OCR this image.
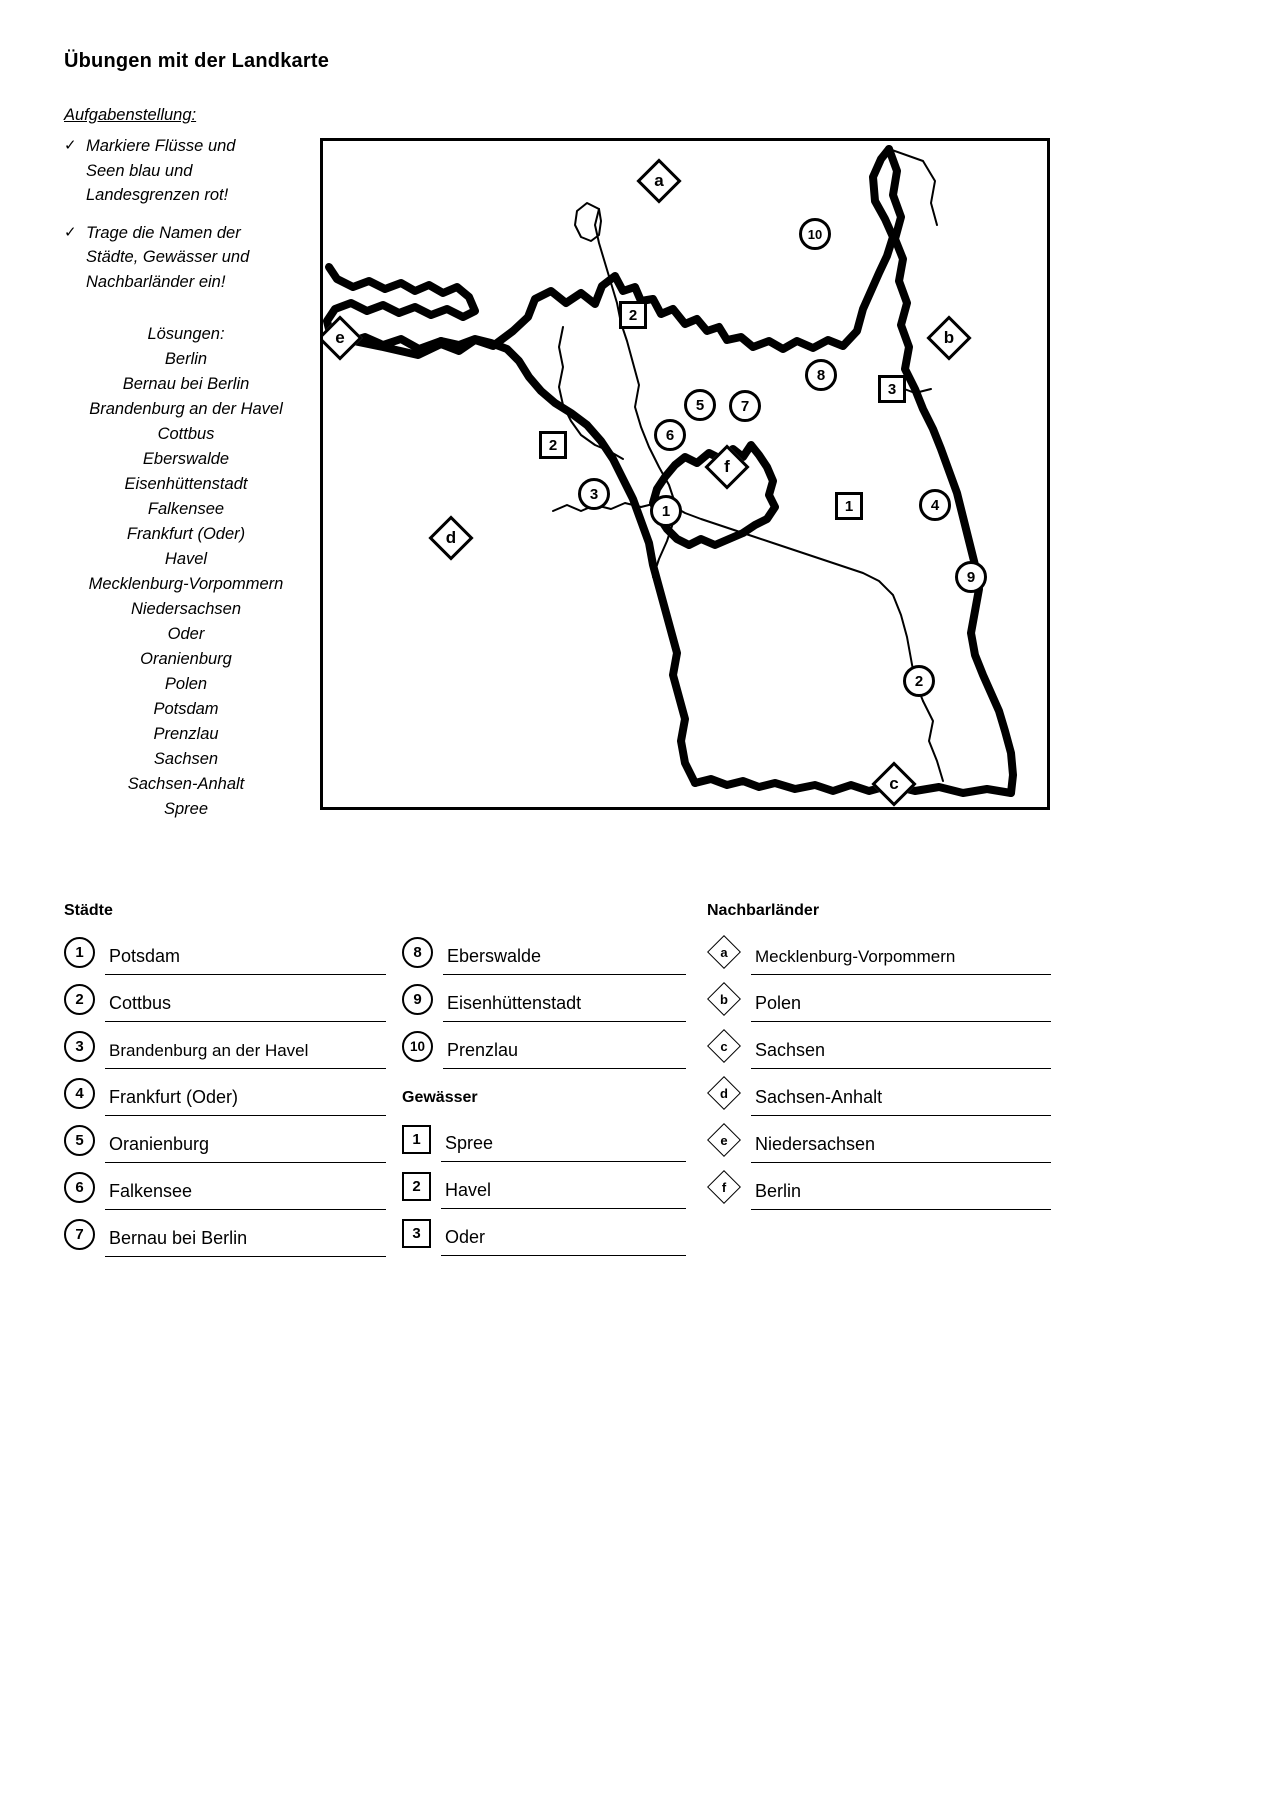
Übungen mit der Landkarte
Aufgabenstellung:
✓ Markiere Flüsse und
Seen blau und
Landesgrenzen rot!
✓ Trage die Namen der
Städte, Gewässer und
Nachbarländer ein!
Lösungen:
Berlin
Bernau bei Berlin
Brandenburg an der Havel
Cottbus
Eberswalde
Eisenhüttenstadt
Falkensee
Frankfurt (Oder)
Havel
Mecklenburg-Vorpommern
Niedersachsen
Oder
Oranienburg
Polen
Potsdam
Prenzlau
Sachsen
Sachsen-Anhalt
Spree
10
8
5	7
6
3
1	4
9
2
2
2
3
1
a
b
e
f
d
c
Städte
Gewässer
Nachbarländer
1	Potsdam
2	Cottbus
3	Brandenburg an der Havel
4	Frankfurt (Oder)
5	Oranienburg
6	Falkensee
7	Bernau bei Berlin
8	Eberswalde
9	Eisenhüttenstadt
10	Prenzlau
1	Spree
2	Havel
3	Oder
a	Mecklenburg-Vorpommern
b	Polen
c	Sachsen
d	Sachsen-Anhalt
e	Niedersachsen
f	Berlin
